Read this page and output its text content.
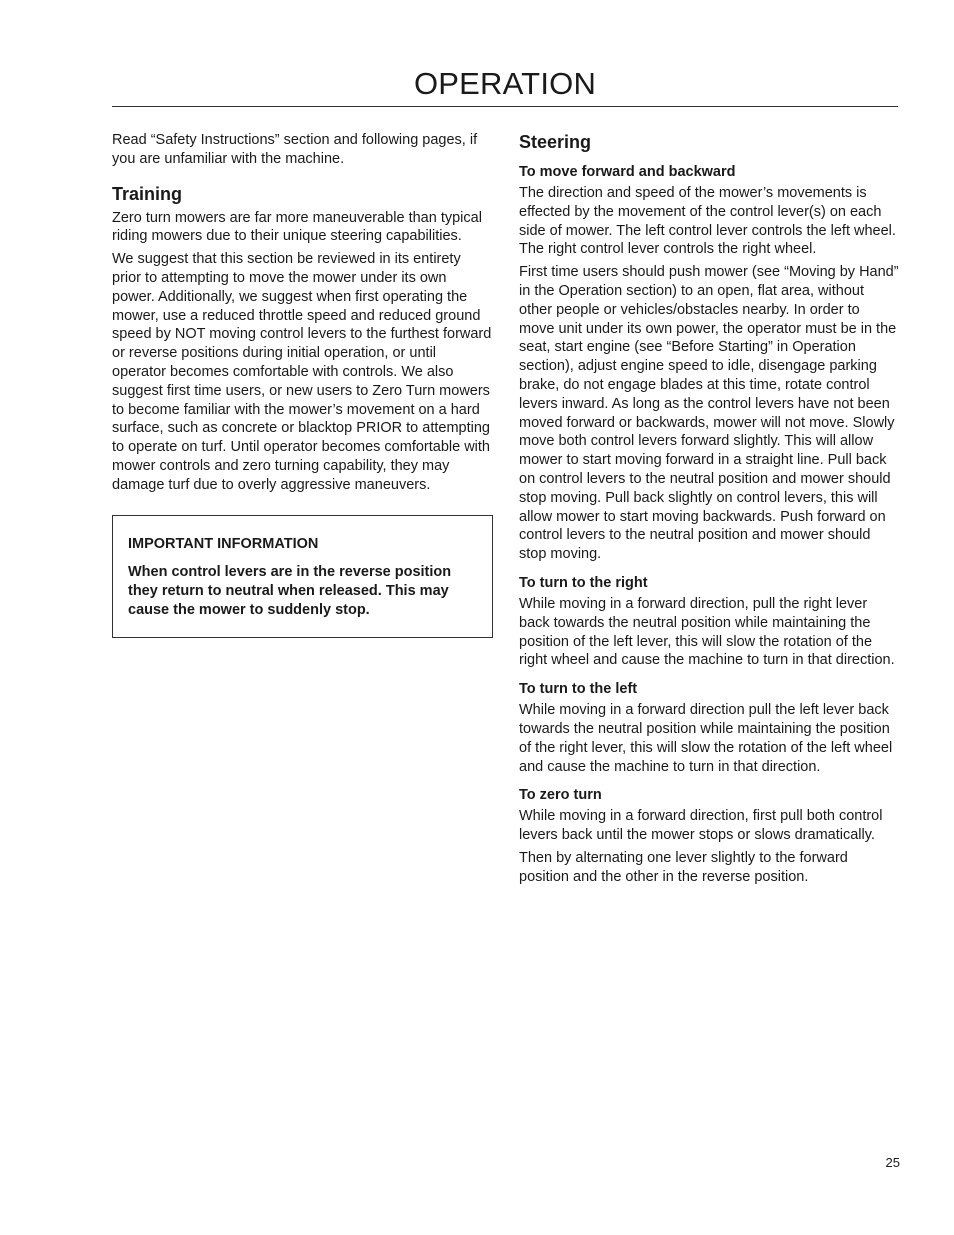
OPERATION

Read “Safety Instructions” section and following pages, if you are unfamiliar with the machine.

Training

Zero turn mowers are far more maneuverable than typical riding mowers due to their unique steering capabilities.

We suggest that this section be reviewed in its entirety prior to attempting to move the mower under its own power. Additionally, we suggest when first operating the mower, use a reduced throttle speed and reduced ground speed by NOT moving control levers to the furthest forward or reverse positions during initial operation, or until operator becomes comfortable with controls. We also suggest first time users, or new users to Zero Turn mowers to become familiar with the mower’s movement on a hard surface, such as concrete or blacktop PRIOR to attempting to operate on turf. Until operator becomes comfortable with mower controls and zero turning capability, they may damage turf due to overly aggressive maneuvers.

IMPORTANT INFORMATION
When control levers are in the reverse position they return to neutral when released. This may cause the mower to suddenly stop.
Steering
To move forward and backward

The direction and speed of the mower’s movements is effected by the movement of the control lever(s) on each side of mower. The left control lever controls the left wheel. The right control lever controls the right wheel.

First time users should push mower (see “Moving by Hand” in the Operation section) to an open, flat area, without other people or vehicles/obstacles nearby. In order to move unit under its own power, the operator must be in the seat, start engine (see “Before Starting” in Operation section), adjust engine speed to idle, disengage parking brake, do not engage blades at this time, rotate control levers inward. As long as the control levers have not been moved forward or backwards, mower will not move. Slowly move both control levers forward slightly. This will allow mower to start moving forward in a straight line. Pull back on control levers to the neutral position and mower should stop moving. Pull back slightly on control levers, this will allow mower to start moving backwards. Push forward on control levers to the neutral position and mower should stop moving.

To turn to the right

While moving in a forward direction, pull the right lever back towards the neutral position while maintaining the position of the left lever, this will slow the rotation of the right wheel and cause the machine to turn in that direction.

To turn to the left

While moving in a forward direction pull the left lever back towards the neutral position while maintaining the position of the right lever, this will slow the rotation of the left wheel and cause the machine to turn in that direction.

To zero turn

While moving in a forward direction, first pull both control levers back until the mower stops or slows dramatically.

Then by alternating one lever slightly to the forward position and the other in the reverse position.

25
